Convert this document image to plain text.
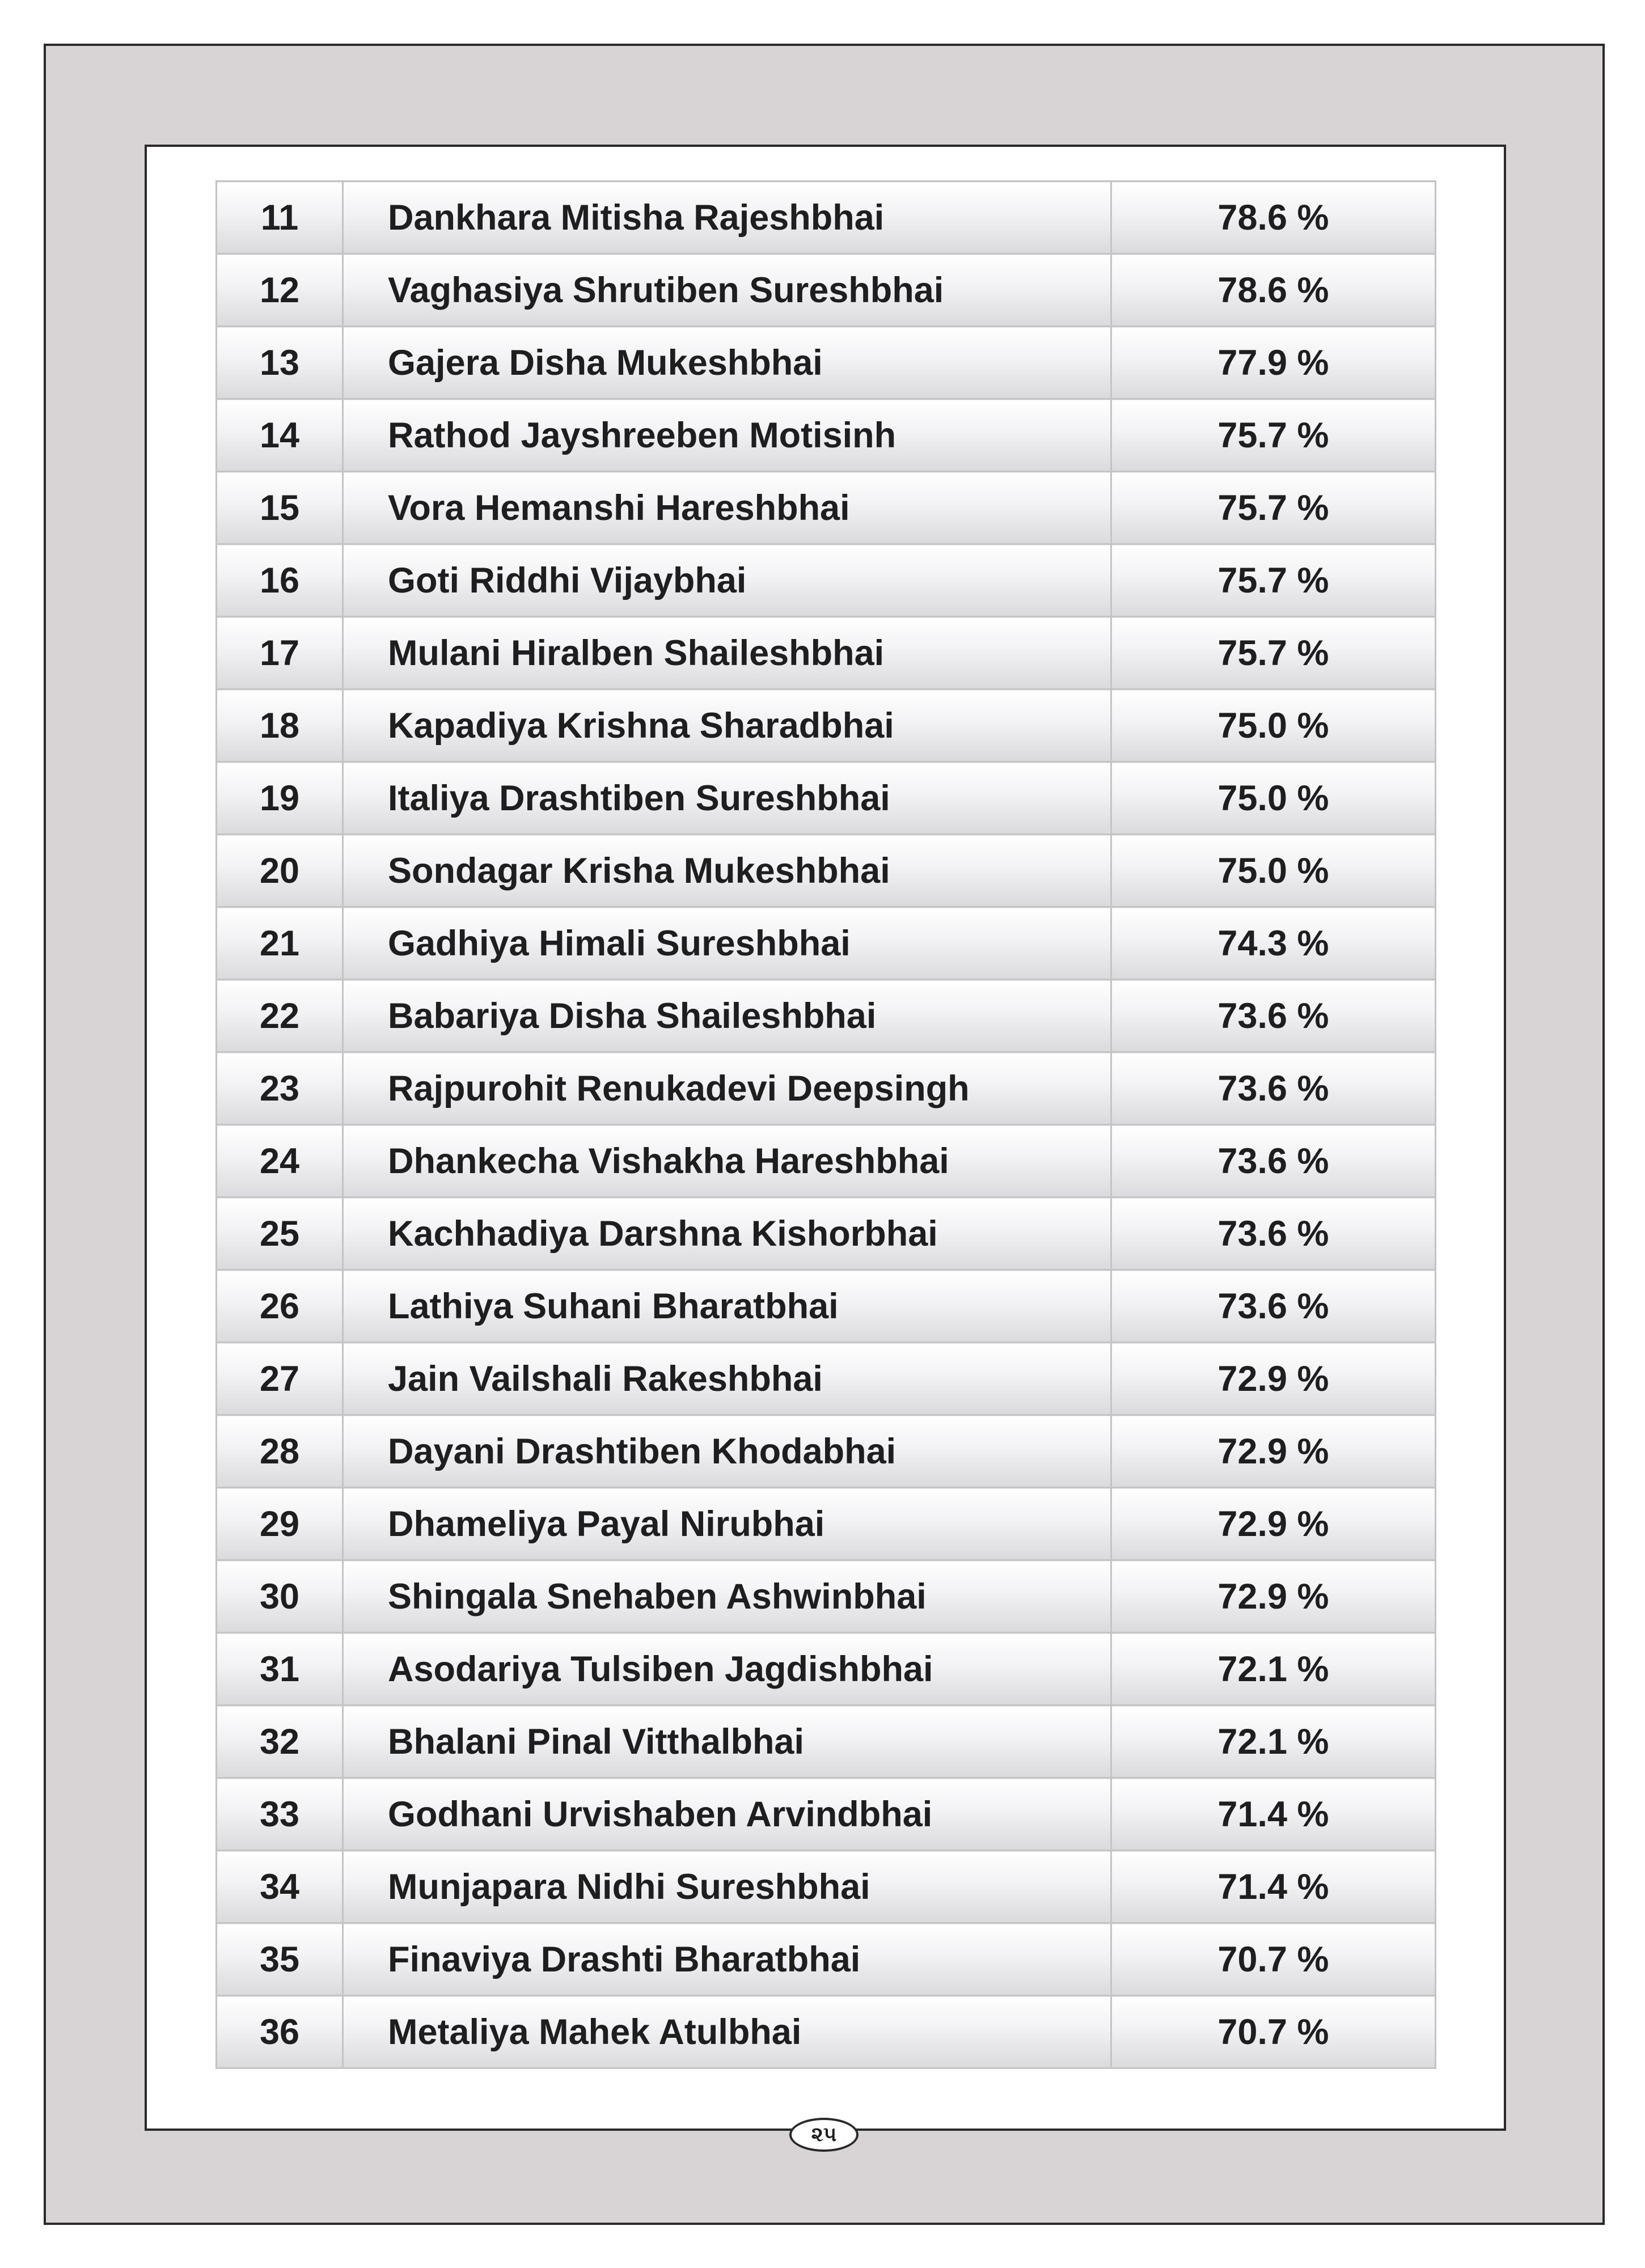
11	Dankhara Mitisha Rajeshbhai	78.6 %
12	Vaghasiya Shrutiben Sureshbhai	78.6 %
13	Gajera Disha Mukeshbhai	77.9 %
14	Rathod Jayshreeben Motisinh	75.7 %
15	Vora Hemanshi Hareshbhai	75.7 %
16	Goti Riddhi Vijaybhai	75.7 %
17	Mulani Hiralben Shaileshbhai	75.7 %
18	Kapadiya Krishna Sharadbhai	75.0 %
19	Italiya Drashtiben Sureshbhai	75.0 %
20	Sondagar Krisha Mukeshbhai	75.0 %
21	Gadhiya Himali Sureshbhai	74.3 %
22	Babariya Disha Shaileshbhai	73.6 %
23	Rajpurohit Renukadevi Deepsingh	73.6 %
24	Dhankecha Vishakha Hareshbhai	73.6 %
25	Kachhadiya Darshna Kishorbhai	73.6 %
26	Lathiya Suhani Bharatbhai	73.6 %
27	Jain Vailshali Rakeshbhai	72.9 %
28	Dayani Drashtiben Khodabhai	72.9 %
29	Dhameliya Payal Nirubhai	72.9 %
30	Shingala Snehaben Ashwinbhai	72.9 %
31	Asodariya Tulsiben Jagdishbhai	72.1 %
32	Bhalani Pinal Vitthalbhai	72.1 %
33	Godhani Urvishaben Arvindbhai	71.4 %
34	Munjapara Nidhi Sureshbhai	71.4 %
35	Finaviya Drashti Bharatbhai	70.7 %
36	Metaliya Mahek Atulbhai	70.7 %
૨૫
